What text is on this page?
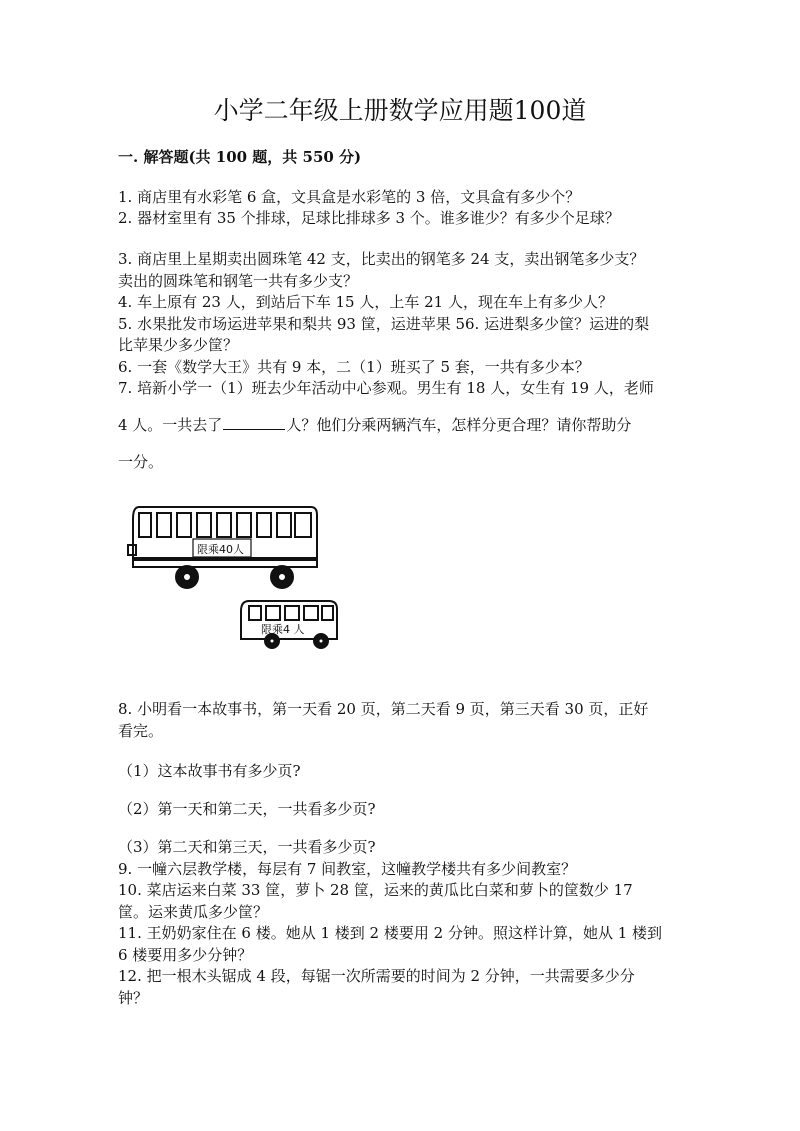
小学二年级上册数学应用题100道
一. 解答题(共 100 题，共 550 分)
1. 商店里有水彩笔 6 盒，文具盒是水彩笔的 3 倍，文具盒有多少个？
2. 器材室里有 35 个排球，足球比排球多 3 个。谁多谁少？有多少个足球？
3. 商店里上星期卖出圆珠笔 42 支，比卖出的钢笔多 24 支，卖出钢笔多少支？
卖出的圆珠笔和钢笔一共有多少支？
4. 车上原有 23 人，到站后下车 15 人，上车 21 人，现在车上有多少人？
5. 水果批发市场运进苹果和梨共 93 筐，运进苹果 56. 运进梨多少筐？运进的梨
比苹果少多少筐？
6. 一套《数学大王》共有 9 本，二（1）班买了 5 套，一共有多少本？
7. 培新小学一（1）班去少年活动中心参观。男生有 18 人，女生有 19 人，老师
4 人。一共去了	人？他们分乘两辆汽车，怎样分更合理？请你帮助分
一分。
限乘40人
限乘4 人
8. 小明看一本故事书，第一天看 20 页，第二天看 9 页，第三天看 30 页，正好
看完。
（1）这本故事书有多少页?
（2）第一天和第二天，一共看多少页?
（3）第二天和第三天，一共看多少页?
9. 一幢六层教学楼，每层有 7 间教室，这幢教学楼共有多少间教室？
10. 菜店运来白菜 33 筐，萝卜 28 筐，运来的黄瓜比白菜和萝卜的筐数少 17
筐。运来黄瓜多少筐？
11. 王奶奶家住在 6 楼。她从 1 楼到 2 楼要用 2 分钟。照这样计算，她从 1 楼到
6 楼要用多少分钟？
12. 把一根木头锯成 4 段，每锯一次所需要的时间为 2 分钟，一共需要多少分
钟？
